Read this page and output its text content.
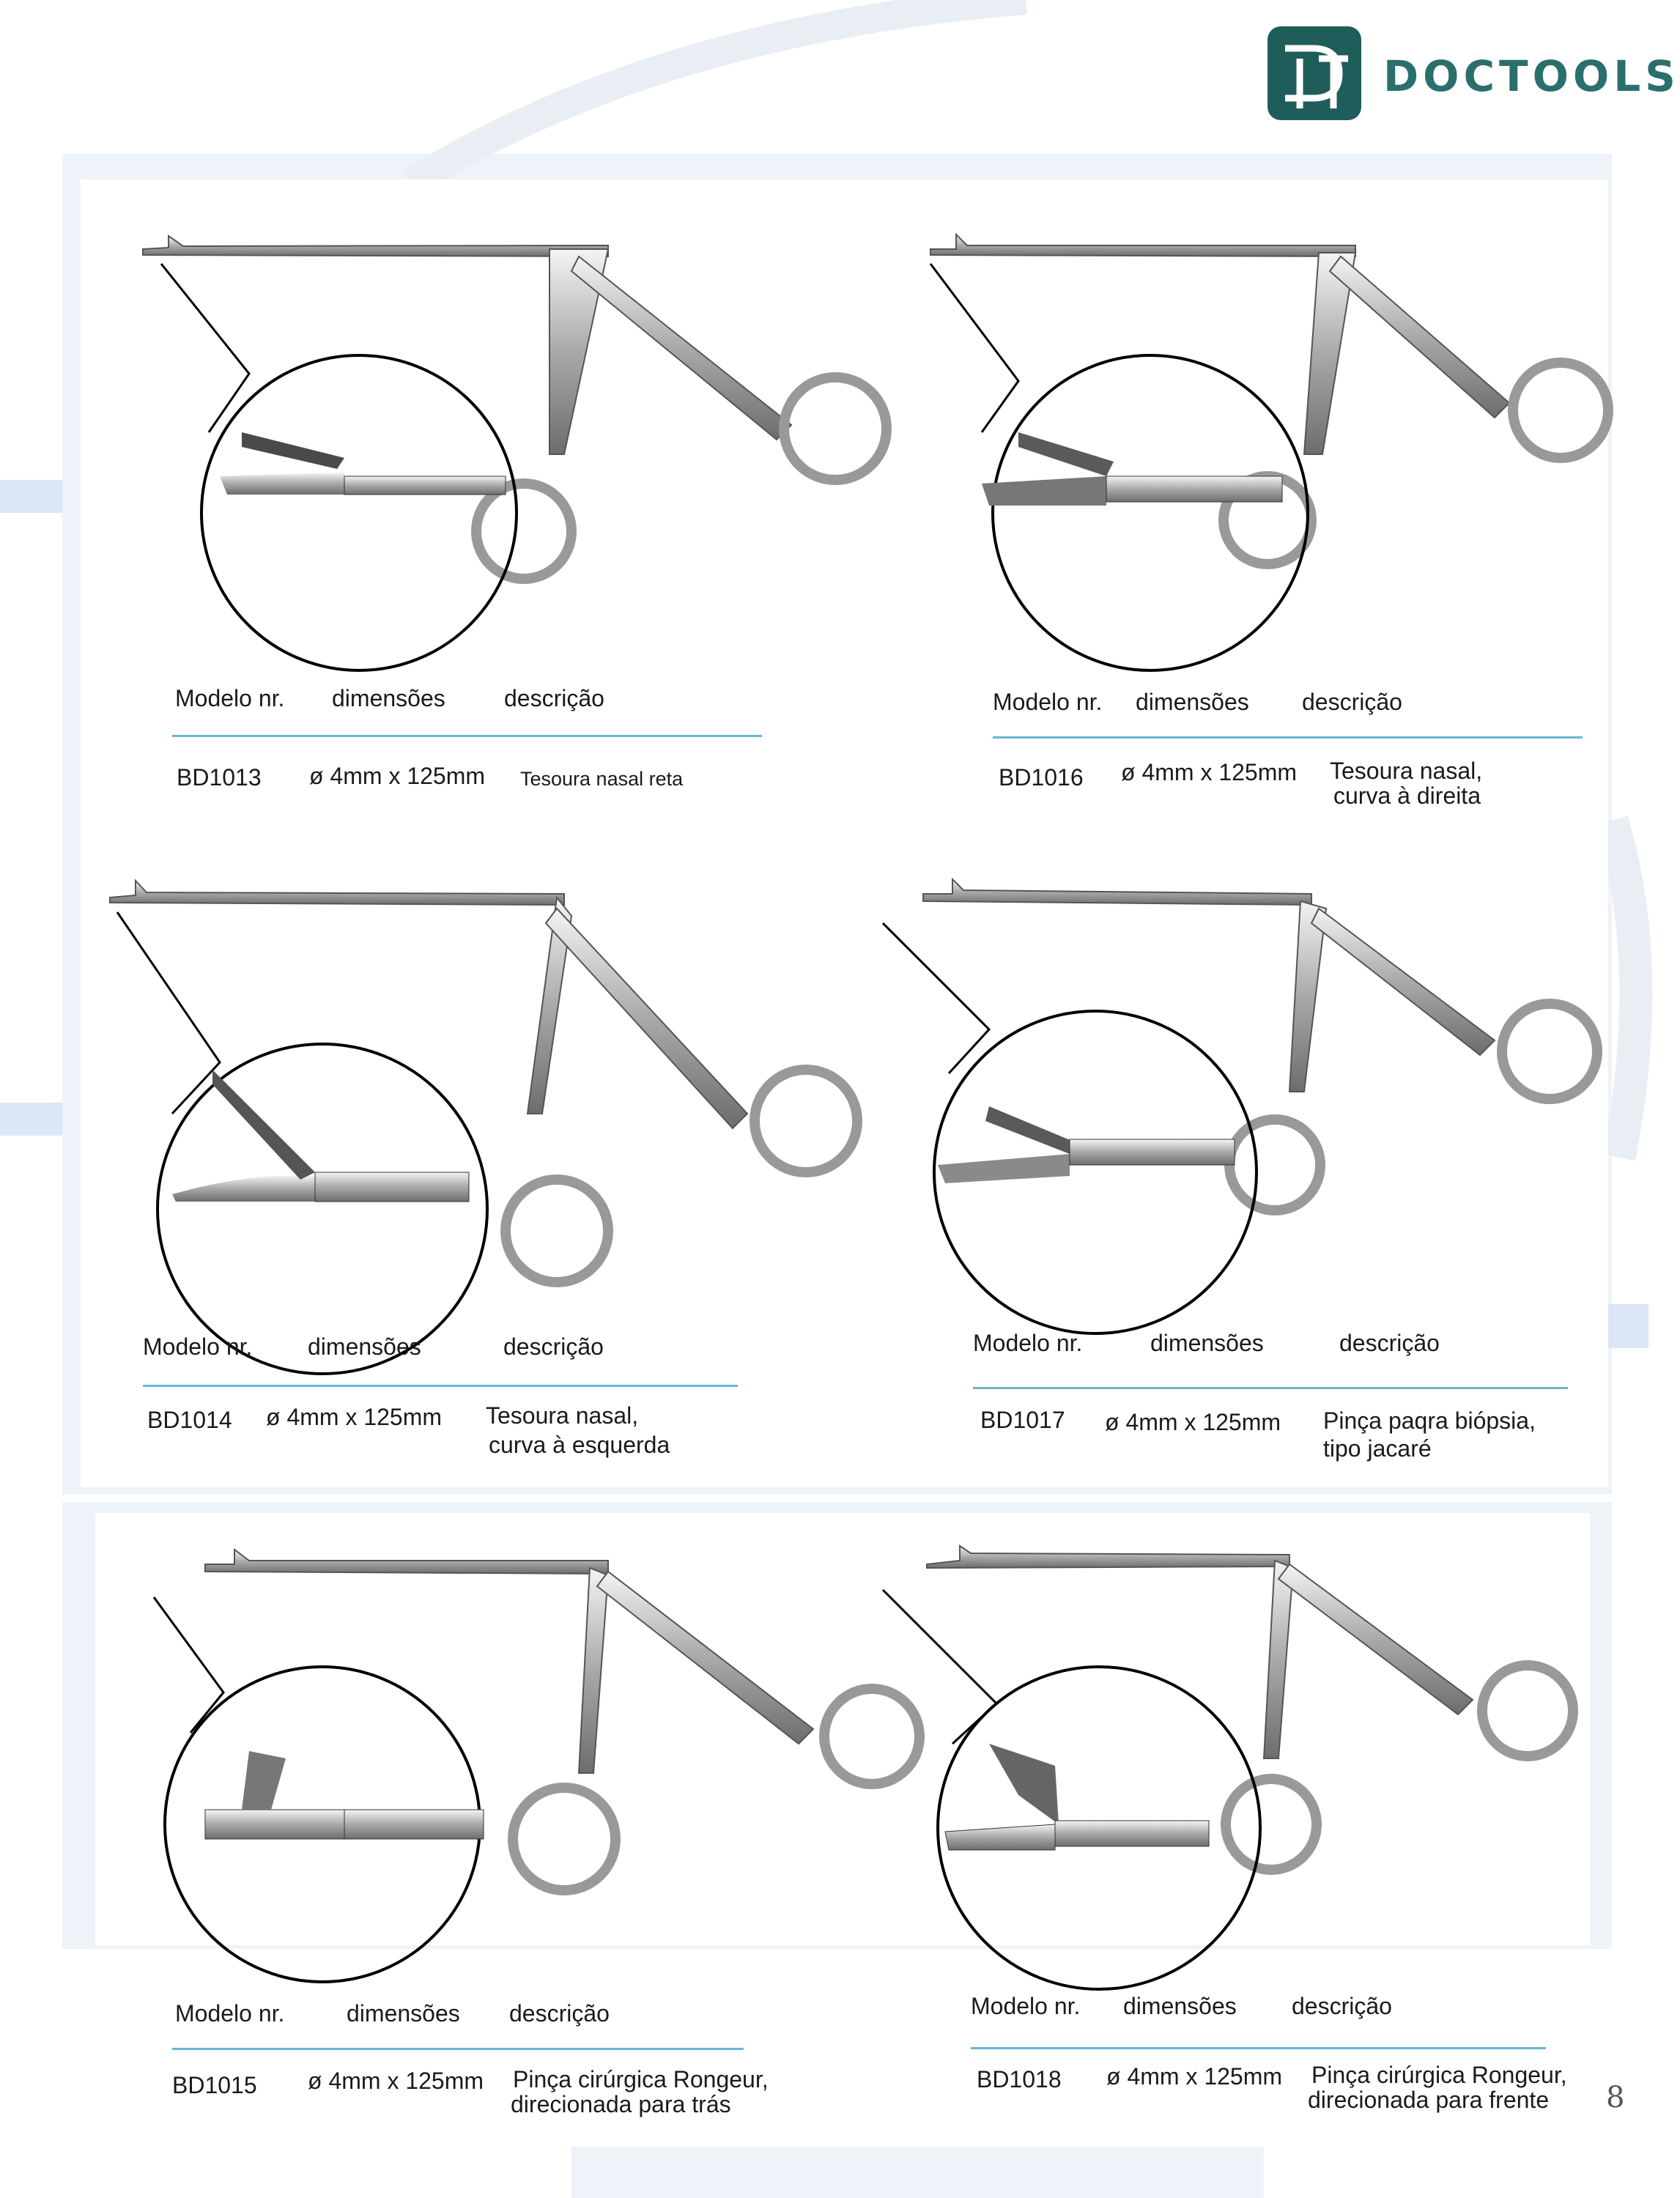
DOCTOOLS
Modelo nr. dimensões	descrição
BD1013 ø 4mm x 125mm Tesoura nasal reta
Modelo nr. dimensões descrição
BD1016 ø 4mm x 125mm Tesoura nasal,
curva à direita
Modelo nr. dimensões	descrição
BD1014 ø 4mm x 125mm Tesoura nasal,
curva à esquerda
Modelo nr.	dimensões	descrição
BD1017 ø 4mm x 125mm Pinça paqra biópsia,
tipo jacaré
Modelo nr.	dimensões descrição
BD1015 ø 4mm x 125mm Pinça cirúrgica Rongeur,
direcionada para trás
Modelo nr. dimensões descrição
BD1018 ø 4mm x 125mm Pinça cirúrgica Rongeur,
direcionada para frente 8
